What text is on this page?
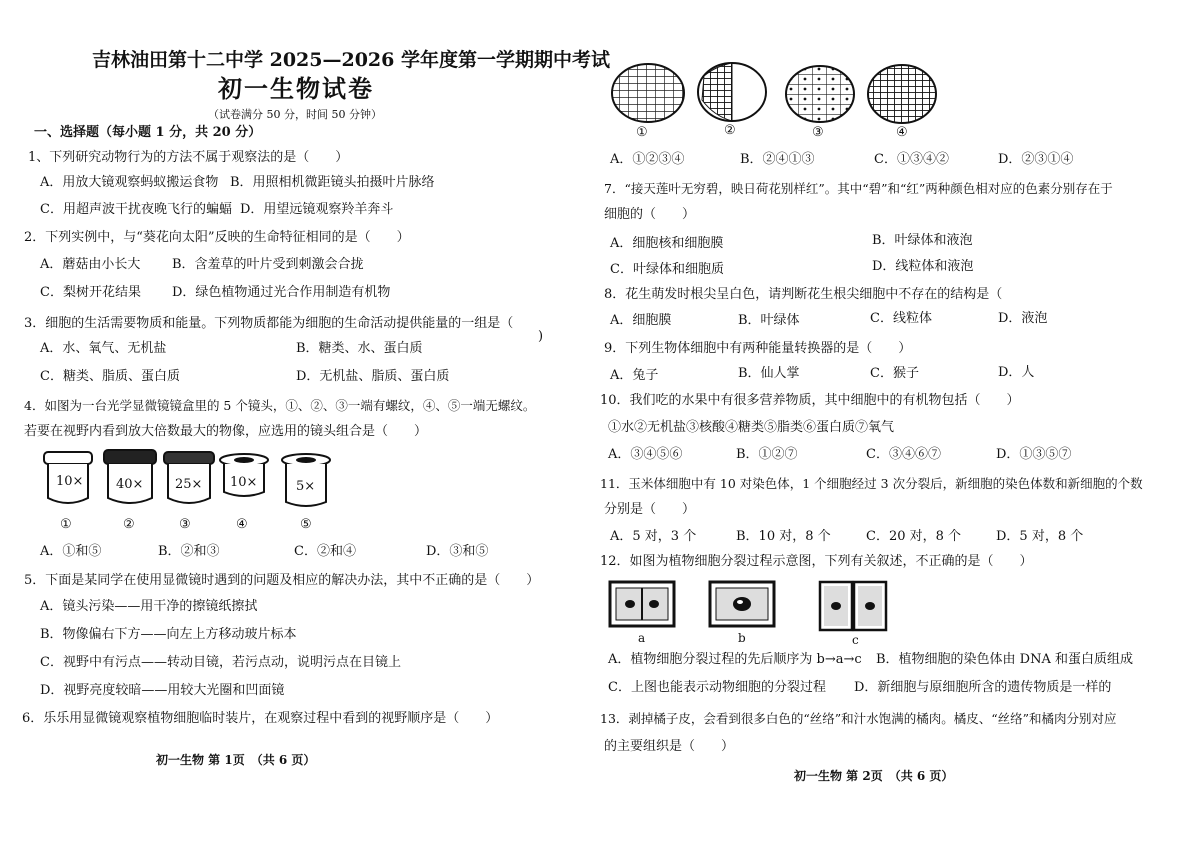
吉林油田第十二中学 2025—2026 学年度第一学期期中考试
初一生物试卷
（试卷满分 50 分，时间 50 分钟）
一、选择题（每小题 1 分，共 20 分）
1、下列研究动物行为的方法不属于观察法的是（　　）
A．用放大镜观察蚂蚁搬运食物 B．用照相机微距镜头拍摄叶片脉络
C．用超声波干扰夜晚飞行的蝙蝠 D．用望远镜观察羚羊奔斗
2．下列实例中，与“葵花向太阳”反映的生命特征相同的是（　　）
A．蘑菇由小长大 B．含羞草的叶片受到刺激会合拢
C．梨树开花结果 D．绿色植物通过光合作用制造有机物
3．细胞的生活需要物质和能量。下列物质都能为细胞的生命活动提供能量的一组是（
)
A．水、氧气、无机盐	B．糖类、水、蛋白质
C．糖类、脂质、蛋白质	D．无机盐、脂质、蛋白质
4．如图为一台光学显微镜镜盒里的 5 个镜头，①、②、③一端有螺纹，④、⑤一端无螺纹。
若要在视野内看到放大倍数最大的物像，应选用的镜头组合是（　　）
10×
①
40×
②
25×
③
10×
④
5×
⑤
A．①和⑤	B．②和③	C．②和④	D．③和⑤
5．下面是某同学在使用显微镜时遇到的问题及相应的解决办法，其中不正确的是（　　）
A．镜头污染——用干净的擦镜纸擦拭
B．物像偏右下方——向左上方移动玻片标本
C．视野中有污点——转动目镜，若污点动，说明污点在目镜上
D．视野亮度较暗——用较大光圈和凹面镜
6．乐乐用显微镜观察植物细胞临时装片，在观察过程中看到的视野顺序是（　　）
初一生物 第 1页　（共 6 页）
①	②	③	④
A．①②③④	B．②④①③	C．①③④②	D．②③①④
7．“接天莲叶无穷碧，映日荷花别样红”。其中“碧”和“红”两种颜色相对应的色素分别存在于
细胞的（　　）
A．细胞核和细胞膜	B．叶绿体和液泡
C．叶绿体和细胞质	D．线粒体和液泡
8．花生萌发时根尖呈白色，请判断花生根尖细胞中不存在的结构是（
A．细胞膜	B．叶绿体	C．线粒体	D．液泡
9．下列生物体细胞中有两种能量转换器的是（　　）
A．兔子	B．仙人掌	C．猴子	D．人
10．我们吃的水果中有很多营养物质，其中细胞中的有机物包括（　　）
①水②无机盐③核酸④糖类⑤脂类⑥蛋白质⑦氧气
A．③④⑤⑥	B．①②⑦	C．③④⑥⑦	D．①③⑤⑦
11．玉米体细胞中有 10 对染色体，1 个细胞经过 3 次分裂后，新细胞的染色体数和新细胞的个数
分别是（　　）
A．5 对，3 个	B．10 对，8 个	C．20 对，8 个	D．5 对，8 个
12．如图为植物细胞分裂过程示意图，下列有关叙述，不正确的是（　　）
a	b	c
A．植物细胞分裂过程的先后顺序为 b→a→c B．植物细胞的染色体由 DNA 和蛋白质组成
C．上图也能表示动物细胞的分裂过程 D．新细胞与原细胞所含的遗传物质是一样的
13．剥掉橘子皮，会看到很多白色的“丝络”和汁水饱满的橘肉。橘皮、“丝络”和橘肉分别对应
的主要组织是（　　）
初一生物 第 2页　（共 6 页）
